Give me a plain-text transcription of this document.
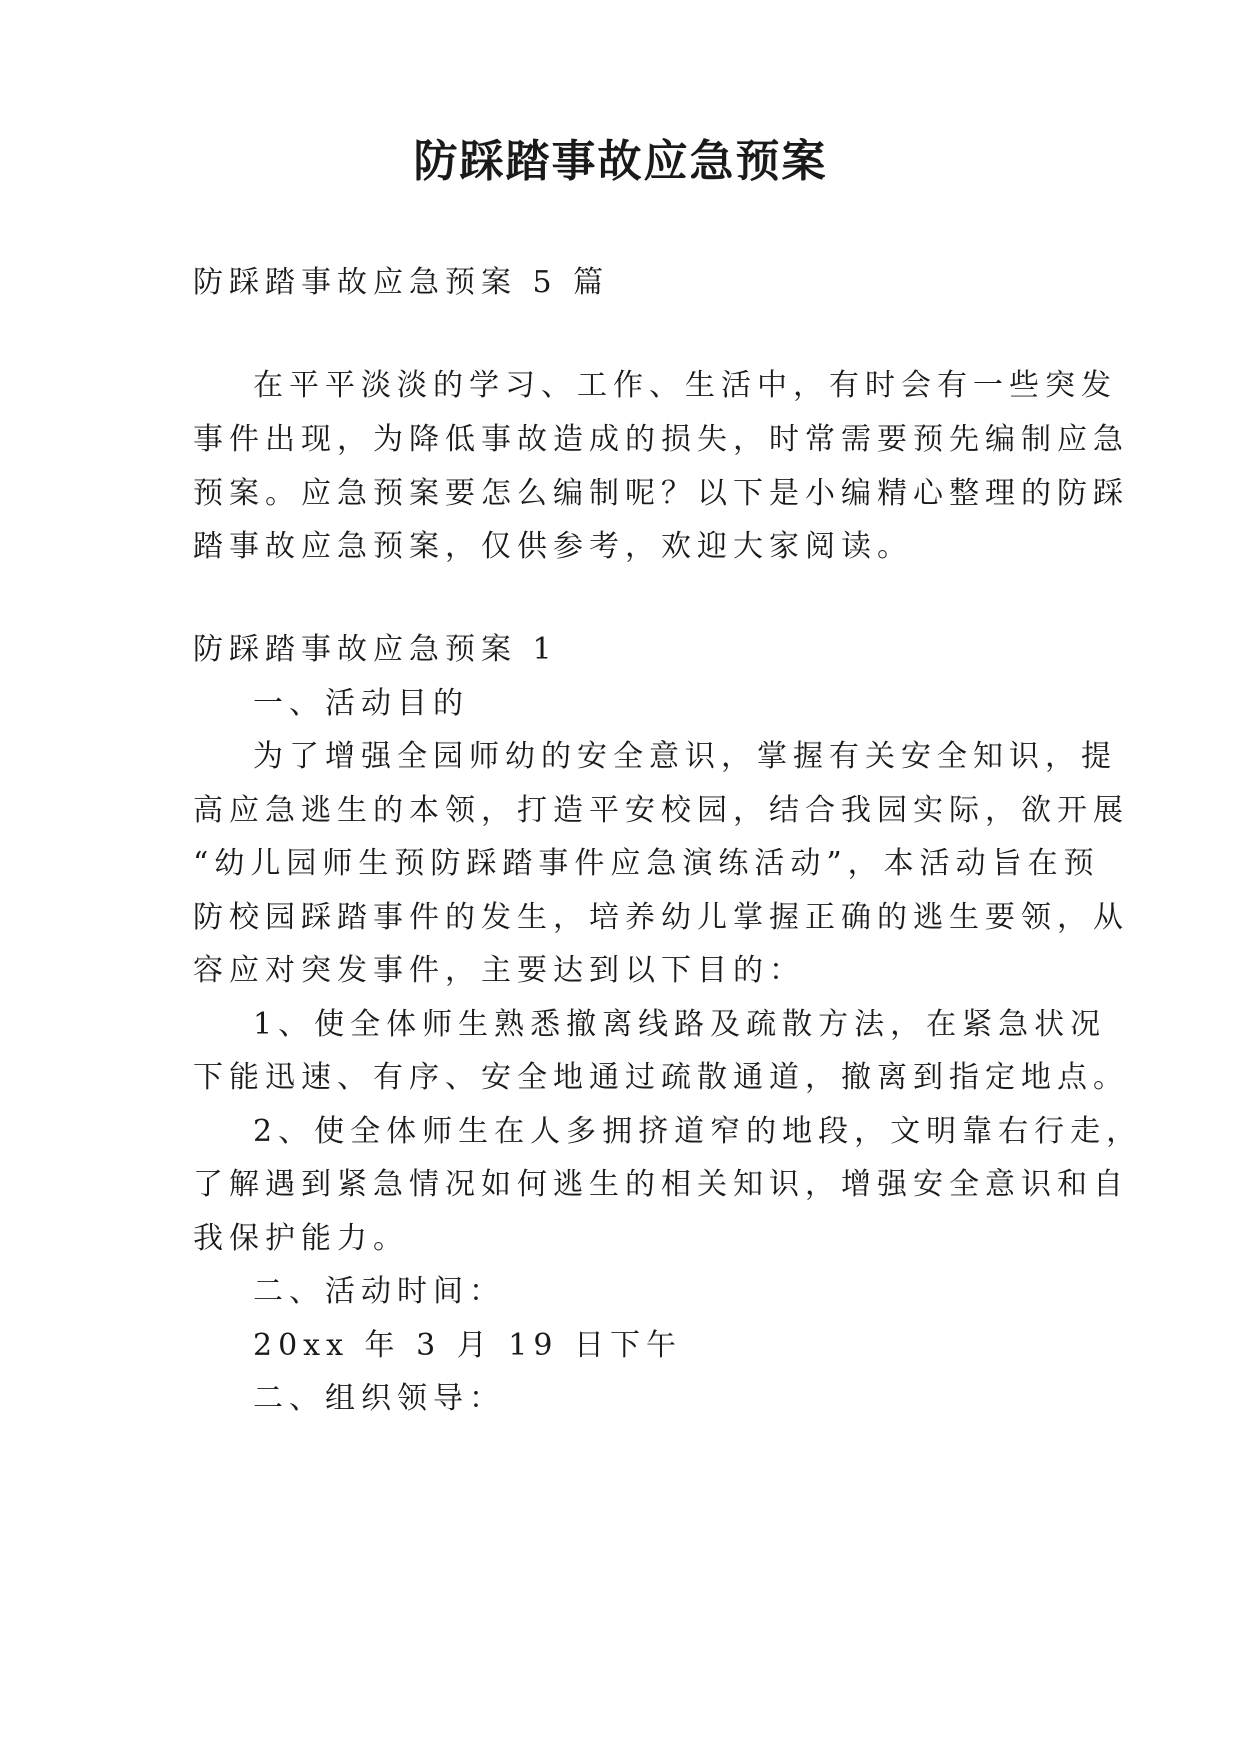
防踩踏事故应急预案
防踩踏事故应急预案 5 篇
在平平淡淡的学习、工作、生活中，有时会有一些突发
事件出现，为降低事故造成的损失，时常需要预先编制应急
预案。应急预案要怎么编制呢？以下是小编精心整理的防踩
踏事故应急预案，仅供参考，欢迎大家阅读。
防踩踏事故应急预案 1
一、活动目的
为了增强全园师幼的安全意识，掌握有关安全知识，提
高应急逃生的本领，打造平安校园，结合我园实际，欲开展
“幼儿园师生预防踩踏事件应急演练活动”，本活动旨在预
防校园踩踏事件的发生，培养幼儿掌握正确的逃生要领，从
容应对突发事件，主要达到以下目的：
1、使全体师生熟悉撤离线路及疏散方法，在紧急状况
下能迅速、有序、安全地通过疏散通道，撤离到指定地点。
2、使全体师生在人多拥挤道窄的地段，文明靠右行走，
了解遇到紧急情况如何逃生的相关知识，增强安全意识和自
我保护能力。
二、活动时间：
20xx 年 3 月 19 日下午
二、组织领导：
